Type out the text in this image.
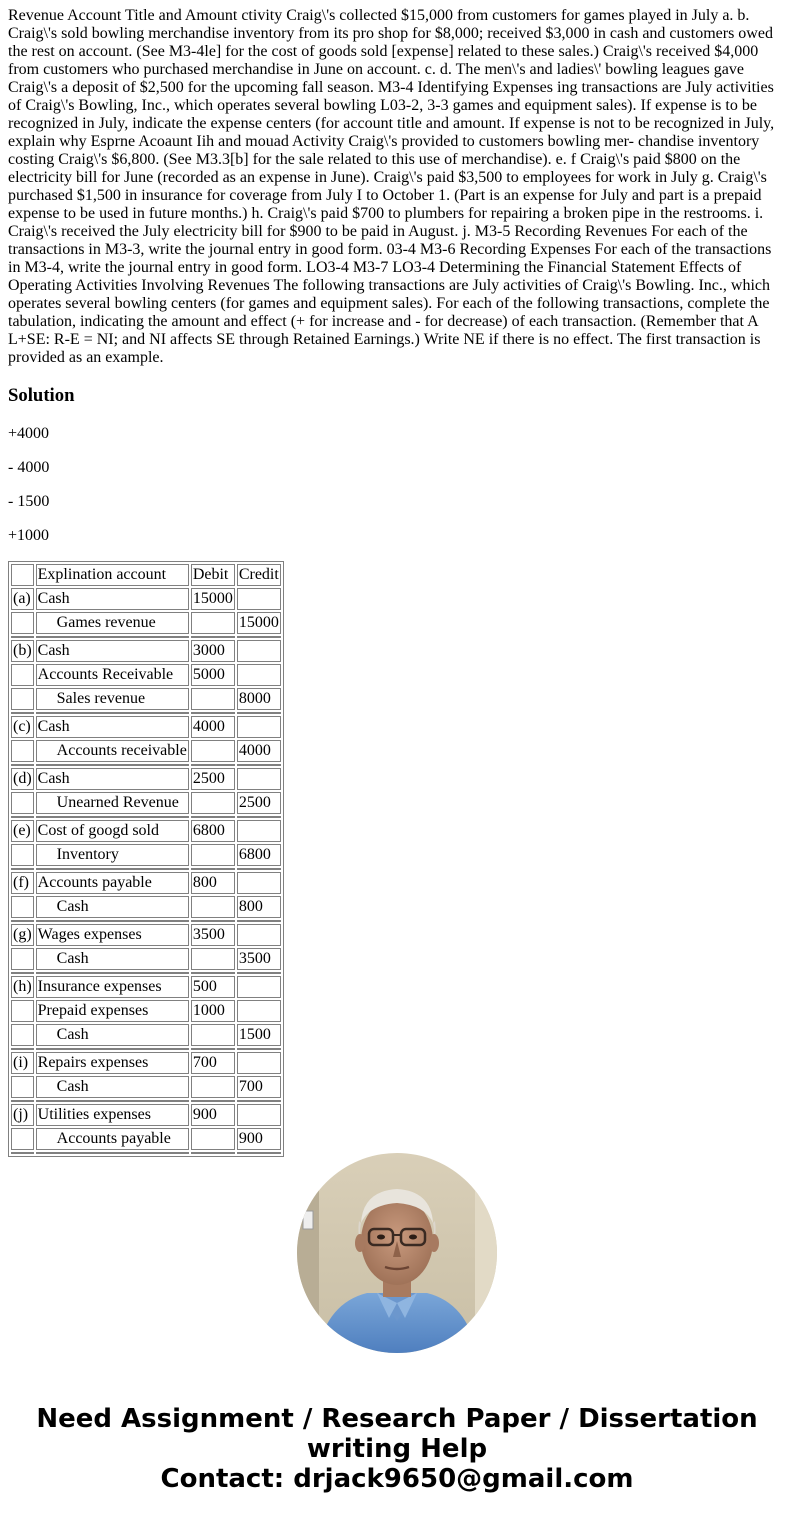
Revenue Account Title and Amount ctivity Craig\'s collected $15,000 from customers for games played in July a. b. Craig\'s sold bowling merchandise inventory from its pro shop for $8,000; received $3,000 in cash and customers owed the rest on account. (See M3-4le] for the cost of goods sold [expense] related to these sales.) Craig\'s received $4,000 from customers who purchased merchandise in June on account. c. d. The men\'s and ladies\' bowling leagues gave Craig\'s a deposit of $2,500 for the upcoming fall season. M3-4 Identifying Expenses ing transactions are July activities of Craig\'s Bowling, Inc., which operates several bowling L03-2, 3-3 games and equipment sales). If expense is to be recognized in July, indicate the expense centers (for account title and amount. If expense is not to be recognized in July, explain why Esprne Acoaunt Iih and mouad Activity Craig\'s provided to customers bowling mer- chandise inventory costing Craig\'s $6,800. (See M3.3[b] for the sale related to this use of merchandise). e. f Craig\'s paid $800 on the electricity bill for June (recorded as an expense in June). Craig\'s paid $3,500 to employees for work in July g. Craig\'s purchased $1,500 in insurance for coverage from July I to October 1. (Part is an expense for July and part is a prepaid expense to be used in future months.) h. Craig\'s paid $700 to plumbers for repairing a broken pipe in the restrooms. i. Craig\'s received the July electricity bill for $900 to be paid in August. j. M3-5 Recording Revenues For each of the transactions in M3-3, write the journal entry in good form. 03-4 M3-6 Recording Expenses For each of the transactions in M3-4, write the journal entry in good form. LO3-4 M3-7 LO3-4 Determining the Financial Statement Effects of Operating Activities Involving Revenues The following transactions are July activities of Craig\'s Bowling. Inc., which operates several bowling centers (for games and equipment sales). For each of the following transactions, complete the tabulation, indicating the amount and effect (+ for increase and - for decrease) of each transaction. (Remember that A L+SE: R-E = NI; and NI affects SE through Retained Earnings.) Write NE if there is no effect. The first transaction is provided as an example.

Solution

+4000

- 4000

- 1500

+1000

	Explination account	Debit	Credit
(a)	Cash	15000	
	Games revenue		15000

(b)	Cash	3000	
	Accounts Receivable	5000	
	Sales revenue		8000

(c)	Cash	4000	
	Accounts receivable		4000

(d)	Cash	2500	
	Unearned Revenue		2500

(e)	Cost of googd sold	6800	
	Inventory		6800

(f)	Accounts payable	800	
	Cash		800

(g)	Wages expenses	3500	
	Cash		3500

(h)	Insurance expenses	500	
	Prepaid expenses	1000	
	Cash		1500

(i)	Repairs expenses	700	
	Cash		700

(j)	Utilities expenses	900	
	Accounts payable		900

Need Assignment / Research Paper / Dissertation
writing Help
Contact: drjack9650@gmail.com
